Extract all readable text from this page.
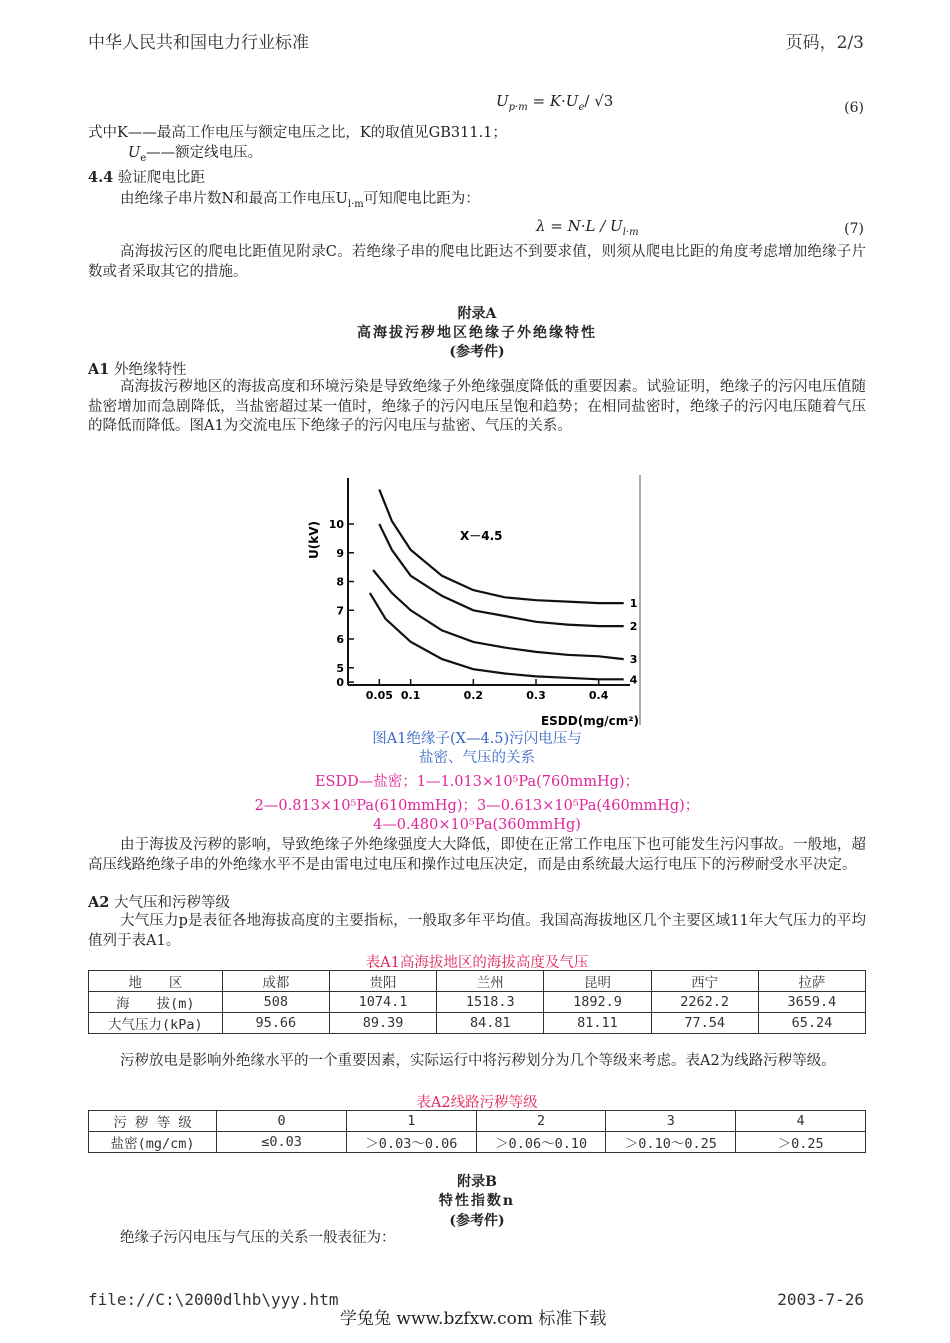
中华人民共和国电力行业标准	页码，2/3
$U_{p\cdot m} = K\cdot U_e/$ √3	(6)
式中K——最高工作电压与额定电压之比，K的取值见GB311.1；
$U_e——$额定线电压。
4.4 验证爬电比距
由绝缘子串片数N和最高工作电压$U_{l\cdot m}$可知爬电比距为：
$\lambda = N\cdot L / U_{l\cdot m}$	(7)
高海拔污区的爬电比距值见附录C。若绝缘子串的爬电比距达不到要求值，则须从爬电比距的角度考虑增加绝缘子片数或者采取其它的措施。
附录A
高海拔污秽地区绝缘子外绝缘特性
(参考件)
A1 外绝缘特性
高海拔污秽地区的海拔高度和环境污染是导致绝缘子外绝缘强度降低的重要因素。试验证明，绝缘子的污闪电压值随盐密增加而急剧降低，当盐密超过某一值时，绝缘子的污闪电压呈饱和趋势；在相同盐密时，绝缘子的污闪电压随着气压的降低而降低。图A1为交流电压下绝缘子的污闪电压与盐密、气压的关系。
0
5
6
7
8
9
10
0.05 0.1	0.2	0.3	0.4
ESDD(mg/cm²)
U(kV)	X－4.5
1
2
3
4
图A1绝缘子(X—4.5)污闪电压与
盐密、气压的关系
ESDD—盐密；1—1.013×10⁵Pa(760mmHg)；
2—0.813×10⁵Pa(610mmHg)；3—0.613×10⁵Pa(460mmHg)；
4—0.480×10⁵Pa(360mmHg)
由于海拔及污秽的影响，导致绝缘子外绝缘强度大大降低，即使在正常工作电压下也可能发生污闪事故。一般地，超高压线路绝缘子串的外绝缘水平不是由雷电过电压和操作过电压决定，而是由系统最大运行电压下的污秽耐受水平决定。
A2 大气压和污秽等级
大气压力p是表征各地海拔高度的主要指标，一般取多年平均值。我国高海拔地区几个主要区域11年大气压力的平均值列于表A1。
表A1高海拔地区的海拔高度及气压
地　　区	成都	贵阳	兰州	昆明	西宁	拉萨
海　　拔(m)	508	1074.1	1518.3	1892.9	2262.2	3659.4
大气压力(kPa)	95.66	89.39	84.81	81.11	77.54	65.24
污秽放电是影响外绝缘水平的一个重要因素，实际运行中将污秽划分为几个等级来考虑。表A2为线路污秽等级。
表A2线路污秽等级
污 秽 等 级	0	1	2	3	4
盐密(mg/cm)	≤0.03	＞0.03～0.06	＞0.06～0.10	＞0.10～0.25	＞0.25
附录B
特性指数n
(参考件)
绝缘子污闪电压与气压的关系一般表征为：
file://C:\2000dlhb\yyy.htm	2003-7-26
学兔兔 www.bzfxw.com 标准下载
